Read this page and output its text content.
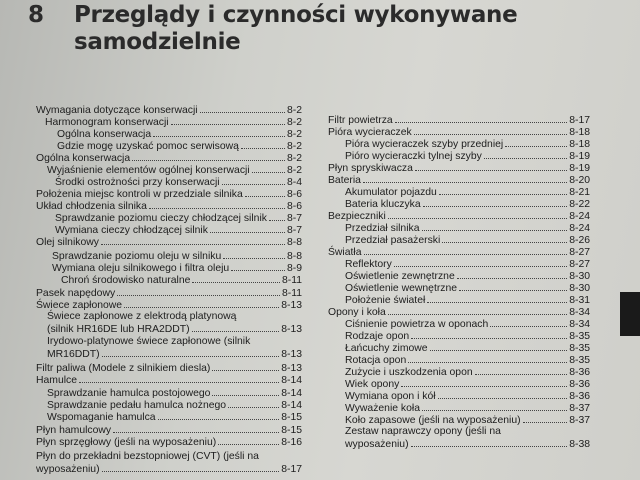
8	Przeglądy i czynności wykonywane
samodzielnie
Wymagania dotyczące konserwacji	8-2
Harmonogram konserwacji	8-2
Ogólna konserwacja	8-2
Gdzie mogę uzyskać pomoc serwisową	8-2
Ogólna konserwacja	8-2
Wyjaśnienie elementów ogólnej konserwacji	8-2
Środki ostrożności przy konserwacji	8-4
Położenia miejsc kontroli w przedziale silnika	8-6
Układ chłodzenia silnika	8-6
Sprawdzanie poziomu cieczy chłodzącej silnik 8-7
Wymiana cieczy chłodzącej silnik	8-7
Olej silnikowy	8-8
Sprawdzanie poziomu oleju w silniku	8-8
Wymiana oleju silnikowego i filtra oleju	8-9
Chroń środowisko naturalne	8-11
Pasek napędowy	8-11
Świece zapłonowe	8-13
Świece zapłonowe z elektrodą platynową
(silnik HR16DE lub HRA2DDT)	8-13
Irydowo-platynowe świece zapłonowe (silnik
MR16DDT)	8-13
Filtr paliwa (Modele z silnikiem diesla)	8-13
Hamulce	8-14
Sprawdzanie hamulca postojowego	8-14
Sprawdzanie pedału hamulca nożnego	8-14
Wspomaganie hamulca	8-15
Płyn hamulcowy	8-15
Płyn sprzęgłowy (jeśli na wyposażeniu)	8-16
Płyn do przekładni bezstopniowej (CVT) (jeśli na
wyposażeniu)	8-17
Filtr powietrza	8-17
Pióra wycieraczek	8-18
Pióra wycieraczek szyby przedniej	8-18
Pióro wycieraczki tylnej szyby	8-19
Płyn spryskiwacza	8-19
Bateria	8-20
Akumulator pojazdu	8-21
Bateria kluczyka	8-22
Bezpieczniki	8-24
Przedział silnika	8-24
Przedział pasażerski	8-26
Światła	8-27
Reflektory	8-27
Oświetlenie zewnętrzne	8-30
Oświetlenie wewnętrzne	8-30
Położenie świateł	8-31
Opony i koła	8-34
Ciśnienie powietrza w oponach	8-34
Rodzaje opon	8-35
Łańcuchy zimowe	8-35
Rotacja opon	8-35
Zużycie i uszkodzenia opon	8-36
Wiek opony	8-36
Wymiana opon i kół	8-36
Wyważenie koła	8-37
Koło zapasowe (jeśli na wyposażeniu)	8-37
Zestaw naprawczy opony (jeśli na
wyposażeniu)	8-38
